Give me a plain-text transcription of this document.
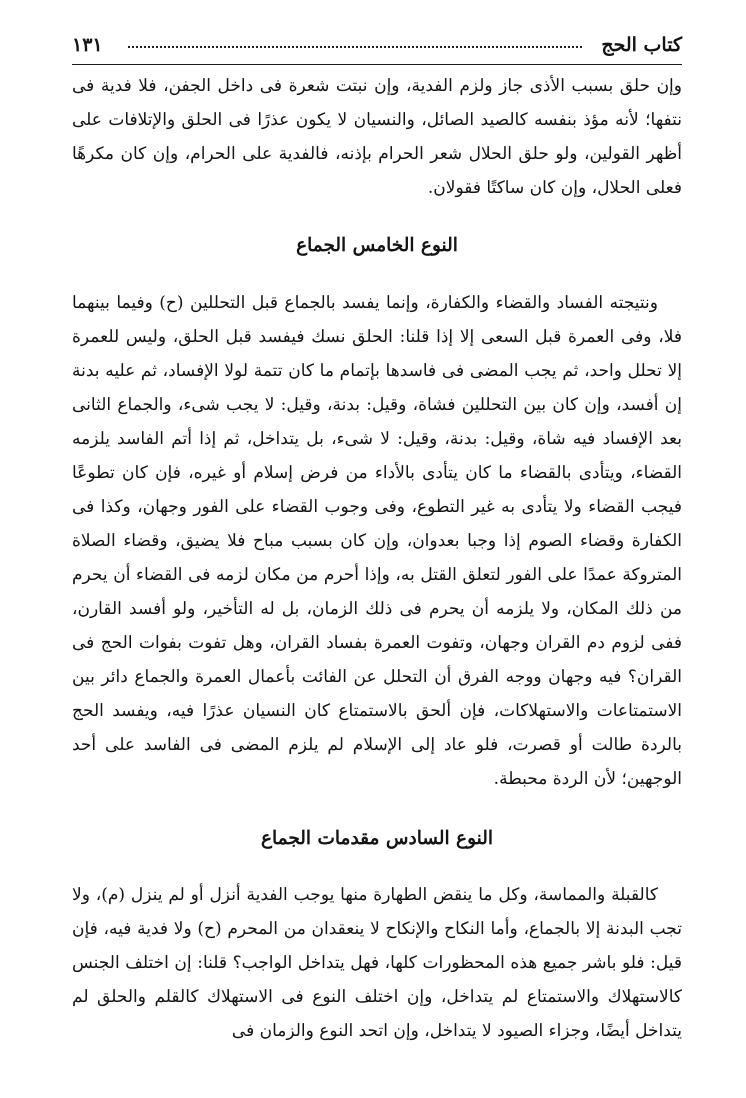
كتاب الحج
١٣١

وإن حلق بسبب الأذى جاز ولزم الفدية، وإن نبتت شعرة فى داخل الجفن، فلا فدية فى نتفها؛ لأنه مؤذ بنفسه كالصيد الصائل، والنسيان لا يكون عذرًا فى الحلق والإتلافات على أظهر القولين، ولو حلق الحلال شعر الحرام بإذنه، فالفدية على الحرام، وإن كان مكرهًا فعلى الحلال، وإن كان ساكتًا فقولان.

النوع الخامس الجماع

ونتيجته الفساد والقضاء والكفارة، وإنما يفسد بالجماع قبل التحللين (ح) وفيما بينهما فلا، وفى العمرة قبل السعى إلا إذا قلنا: الحلق نسك فيفسد قبل الحلق، وليس للعمرة إلا تحلل واحد، ثم يجب المضى فى فاسدها بإتمام ما كان تتمة لولا الإفساد، ثم عليه بدنة إن أفسد، وإن كان بين التحللين فشاة، وقيل: بدنة، وقيل: لا يجب شىء، والجماع الثانى بعد الإفساد فيه شاة، وقيل: بدنة، وقيل: لا شىء، بل يتداخل، ثم إذا أتم الفاسد يلزمه القضاء، ويتأدى بالقضاء ما كان يتأدى بالأداء من فرض إسلام أو غيره، فإن كان تطوعًا فيجب القضاء ولا يتأدى به غير التطوع، وفى وجوب القضاء على الفور وجهان، وكذا فى الكفارة وقضاء الصوم إذا وجبا بعدوان، وإن كان بسبب مباح فلا يضيق، وقضاء الصلاة المتروكة عمدًا على الفور لتعلق القتل به، وإذا أحرم من مكان لزمه فى القضاء أن يحرم من ذلك المكان، ولا يلزمه أن يحرم فى ذلك الزمان، بل له التأخير، ولو أفسد القارن، ففى لزوم دم القران وجهان، وتفوت العمرة بفساد القران، وهل تفوت بفوات الحج فى القران؟ فيه وجهان ووجه الفرق أن التحلل عن الفائت بأعمال العمرة والجماع دائر بين الاستمتاعات والاستهلاكات، فإن ألحق بالاستمتاع كان النسيان عذرًا فيه، ويفسد الحج بالردة طالت أو قصرت، فلو عاد إلى الإسلام لم يلزم المضى فى الفاسد على أحد الوجهين؛ لأن الردة محبطة.

النوع السادس مقدمات الجماع

كالقبلة والمماسة، وكل ما ينقض الطهارة منها يوجب الفدية أنزل أو لم ينزل (م)، ولا تجب البدنة إلا بالجماع، وأما النكاح والإنكاح لا ينعقدان من المحرم (ح) ولا فدية فيه، فإن قيل: فلو باشر جميع هذه المحظورات كلها، فهل يتداخل الواجب؟ قلنا: إن اختلف الجنس كالاستهلاك والاستمتاع لم يتداخل، وإن اختلف النوع فى الاستهلاك كالقلم والحلق لم يتداخل أيضًا، وجزاء الصيود لا يتداخل، وإن اتحد النوع والزمان فى
